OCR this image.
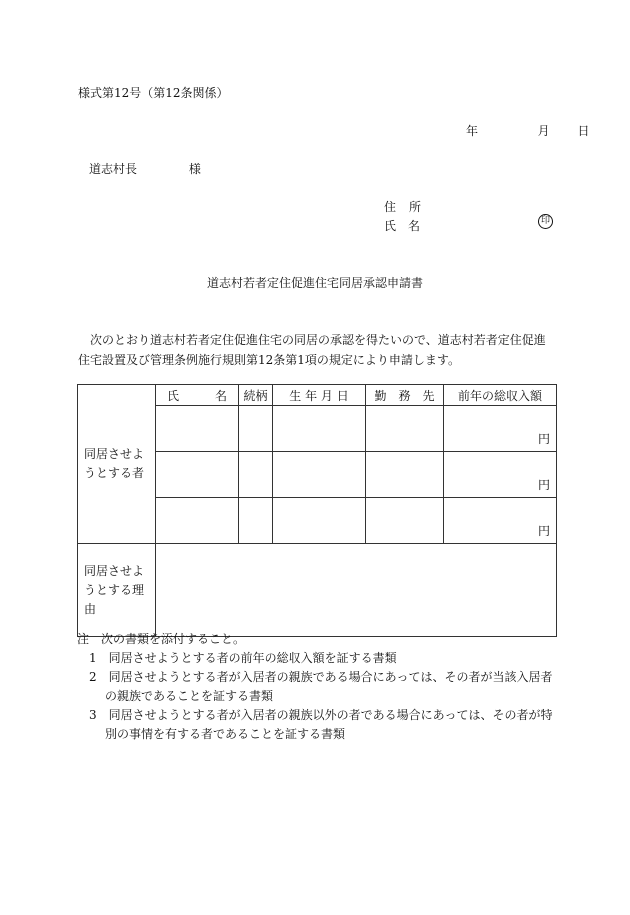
様式第12号（第12条関係）
年	月 日
道志村長	様
住　所
氏　名	印
道志村若者定住促進住宅同居承認申請書
次のとおり道志村若者定住促進住宅の同居の承認を得たいので、道志村若者定住促進住宅設置及び管理条例施行規則第12条第1項の規定により申請します。
同居させようとする者	氏　　　名	続柄	生 年 月 日	勤　務　先	前年の総収入額
					円
					円
					円
同居させようとする理　　　由					

注　次の書類を添付すること。

1　同居させようとする者の前年の総収入額を証する書類

2　同居させようとする者が入居者の親族である場合にあっては、その者が当該入居者の親族であることを証する書類

3　同居させようとする者が入居者の親族以外の者である場合にあっては、その者が特別の事情を有する者であることを証する書類
